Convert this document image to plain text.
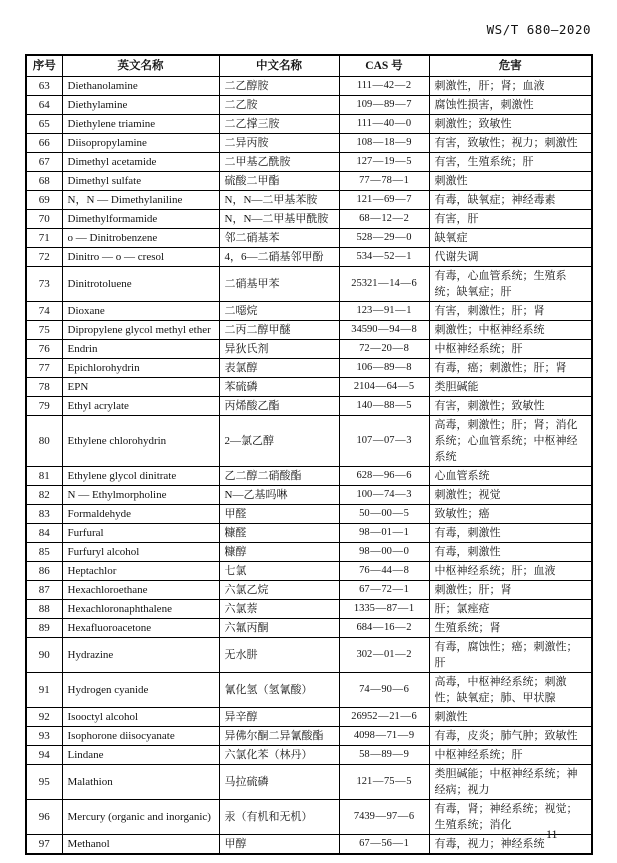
WS/T 680—2020
序号	英文名称	中文名称	CAS 号	危害
63	Diethanolamine	二乙醇胺	111 — 42 — 2	刺激性，肝；肾；血液
64	Diethylamine	二乙胺	109 — 89 — 7	腐蚀性损害，刺激性
65	Diethylene triamine	二乙撑三胺	111 — 40 — 0	刺激性；致敏性
66	Diisopropylamine	二异丙胺	108 — 18 — 9	有害，致敏性；视力；刺激性
67	Dimethyl acetamide	二甲基乙酰胺	127 — 19 — 5	有害，生殖系统；肝
68	Dimethyl sulfate	硫酸二甲酯	77 — 78 — 1	刺激性
69	N，N — Dimethylaniline	N，N—二甲基苯胺	121 — 69 — 7	有毒，缺氧症；神经毒素
70	Dimethylformamide	N，N—二甲基甲酰胺	68 — 12 — 2	有害，肝
71	o — Dinitrobenzene	邻二硝基苯	528 — 29 — 0	缺氧症
72	Dinitro — o — cresol	4，6—二硝基邻甲酚	534 — 52 — 1	代谢失调
73	Dinitrotoluene	二硝基甲苯	25321 — 14 — 6	有毒，心血管系统；生殖系统；缺氧症；肝
74	Dioxane	二噁烷	123 — 91 — 1	有害，刺激性；肝；肾
75	Dipropylene glycol methyl ether	二丙二醇甲醚	34590 — 94 — 8	刺激性；中枢神经系统
76	Endrin	异狄氏剂	72 — 20 — 8	中枢神经系统；肝
77	Epichlorohydrin	表氯醇	106 — 89 — 8	有毒，癌；刺激性；肝；肾
78	EPN	苯硫磷	2104 — 64 — 5	类胆碱能
79	Ethyl acrylate	丙烯酸乙酯	140 — 88 — 5	有害，刺激性；致敏性
80	Ethylene chlorohydrin	2—氯乙醇	107 — 07 — 3	高毒，刺激性；肝；肾；消化系统；心血管系统；中枢神经系统
81	Ethylene glycol dinitrate	乙二醇二硝酸酯	628 — 96 — 6	心血管系统
82	N — Ethylmorpholine	N—乙基吗啉	100 — 74 — 3	刺激性；视觉
83	Formaldehyde	甲醛	50 — 00 — 5	致敏性；癌
84	Furfural	糠醛	98 — 01 — 1	有毒，刺激性
85	Furfuryl alcohol	糠醇	98 — 00 — 0	有毒，刺激性
86	Heptachlor	七氯	76 — 44 — 8	中枢神经系统；肝；血液
87	Hexachloroethane	六氯乙烷	67 — 72 — 1	刺激性；肝；肾
88	Hexachloronaphthalene	六氯萘	1335 — 87 — 1	肝；氯痤疮
89	Hexafluoroacetone	六氟丙酮	684 — 16 — 2	生殖系统；肾
90	Hydrazine	无水肼	302 — 01 — 2	有毒，腐蚀性；癌；刺激性；肝
91	Hydrogen cyanide	氰化氢（氢氰酸）	74 — 90 — 6	高毒，中枢神经系统；刺激性；缺氧症；肺、甲状腺
92	Isooctyl alcohol	异辛醇	26952 — 21 — 6	刺激性
93	Isophorone diisocyanate	异佛尔酮二异氰酸酯	4098 — 71 — 9	有毒，皮炎；肺气肿；致敏性
94	Lindane	六氯化苯（林丹）	58 — 89 — 9	中枢神经系统；肝
95	Malathion	马拉硫磷	121 — 75 — 5	类胆碱能；中枢神经系统；神经病；视力
96	Mercury (organic and inorganic)	汞（有机和无机）	7439 — 97 — 6	有毒，肾；神经系统；视觉；生殖系统；消化
97	Methanol	甲醇	67 — 56 — 1	有毒，视力；神经系统
11
